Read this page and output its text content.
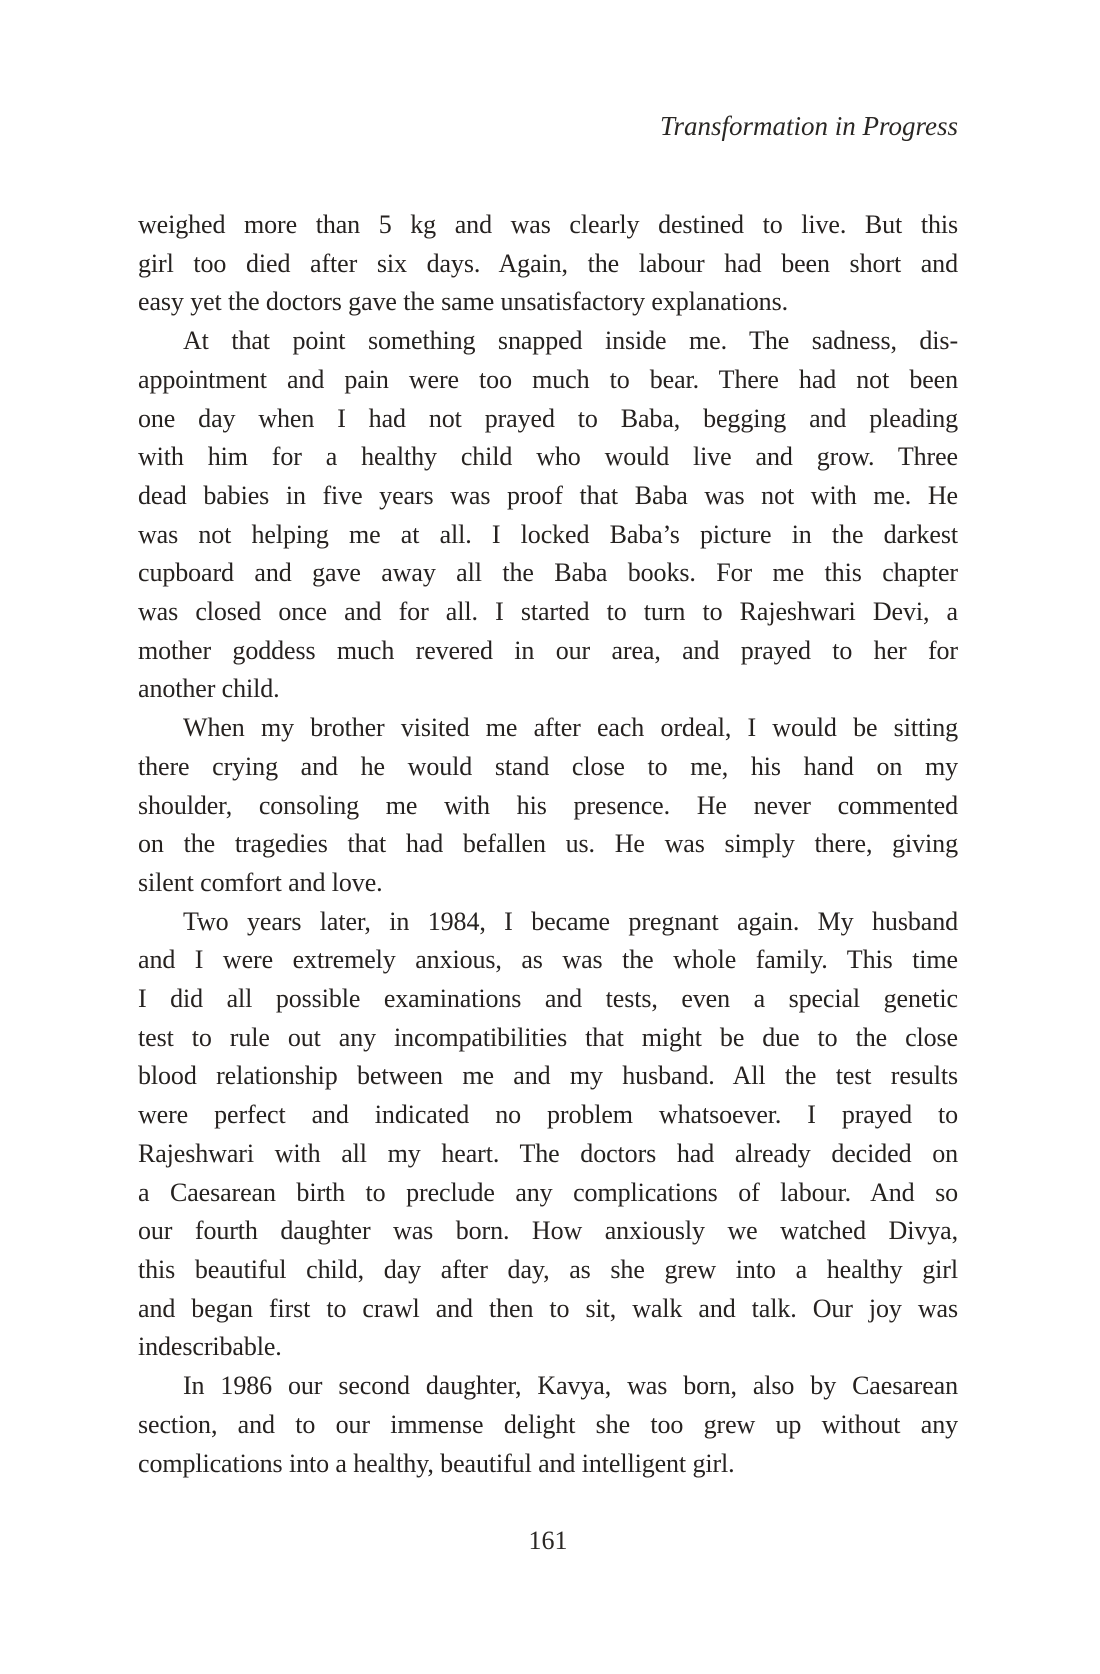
Transformation in Progress
weighed more than 5 kg and was clearly destined to live. But this
girl too died after six days. Again, the labour had been short and
easy yet the doctors gave the same unsatisfactory explanations.
At that point something snapped inside me. The sadness, dis-
appointment and pain were too much to bear. There had not been
one day when I had not prayed to Baba, begging and pleading
with him for a healthy child who would live and grow. Three
dead babies in five years was proof that Baba was not with me. He
was not helping me at all. I locked Baba’s picture in the darkest
cupboard and gave away all the Baba books. For me this chapter
was closed once and for all. I started to turn to Rajeshwari Devi, a
mother goddess much revered in our area, and prayed to her for
another child.
When my brother visited me after each ordeal, I would be sitting
there crying and he would stand close to me, his hand on my
shoulder, consoling me with his presence. He never commented
on the tragedies that had befallen us. He was simply there, giving
silent comfort and love.
Two years later, in 1984, I became pregnant again. My husband
and I were extremely anxious, as was the whole family. This time
I did all possible examinations and tests, even a special genetic
test to rule out any incompatibilities that might be due to the close
blood relationship between me and my husband. All the test results
were perfect and indicated no problem whatsoever. I prayed to
Rajeshwari with all my heart. The doctors had already decided on
a Caesarean birth to preclude any complications of labour. And so
our fourth daughter was born. How anxiously we watched Divya,
this beautiful child, day after day, as she grew into a healthy girl
and began first to crawl and then to sit, walk and talk. Our joy was
indescribable.
In 1986 our second daughter, Kavya, was born, also by Caesarean
section, and to our immense delight she too grew up without any
complications into a healthy, beautiful and intelligent girl.
161
